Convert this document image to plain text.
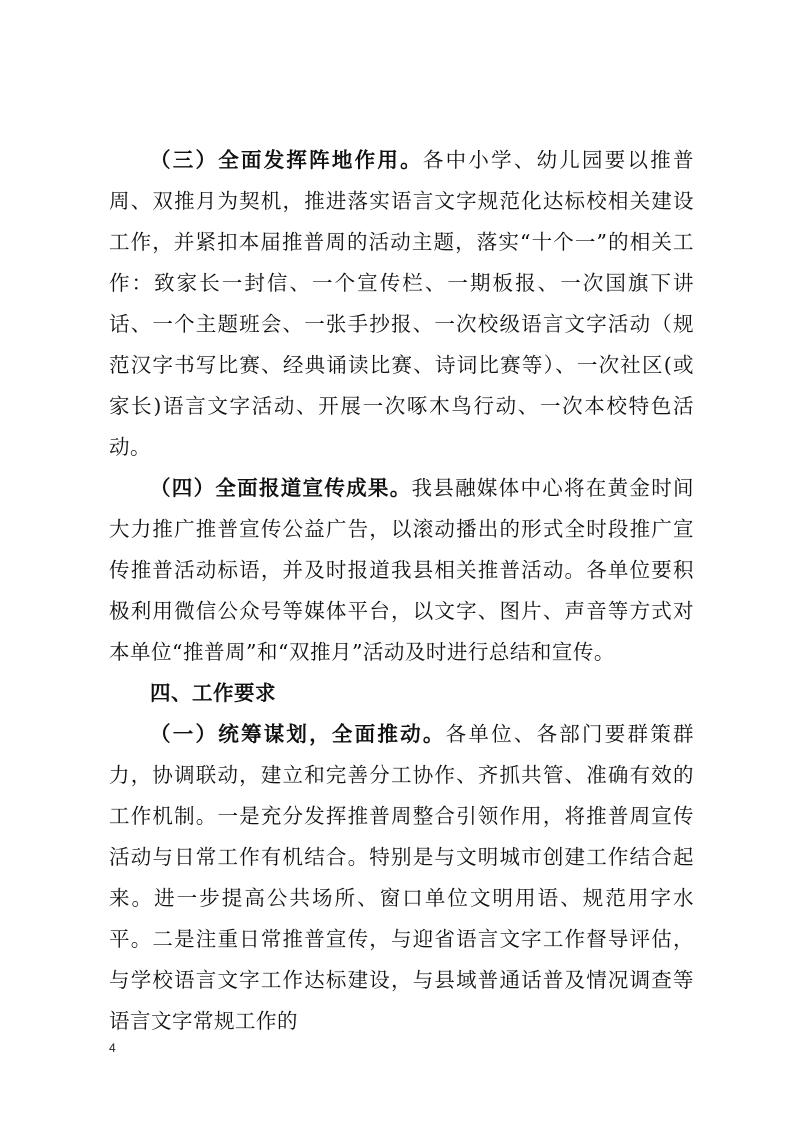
（三）全面发挥阵地作用。各中小学、幼儿园要以推普周、双推月为契机，推进落实语言文字规范化达标校相关建设工作，并紧扣本届推普周的活动主题，落实“十个一”的相关工作：致家长一封信、一个宣传栏、一期板报、一次国旗下讲话、一个主题班会、一张手抄报、一次校级语言文字活动（规范汉字书写比赛、经典诵读比赛、诗词比赛等）、一次社区(或家长)语言文字活动、开展一次啄木鸟行动、一次本校特色活动。

（四）全面报道宣传成果。我县融媒体中心将在黄金时间大力推广推普宣传公益广告，以滚动播出的形式全时段推广宣传推普活动标语，并及时报道我县相关推普活动。各单位要积极利用微信公众号等媒体平台，以文字、图片、声音等方式对本单位“推普周”和“双推月”活动及时进行总结和宣传。

四、工作要求

（一）统筹谋划，全面推动。各单位、各部门要群策群力，协调联动，建立和完善分工协作、齐抓共管、准确有效的工作机制。一是充分发挥推普周整合引领作用，将推普周宣传活动与日常工作有机结合。特别是与文明城市创建工作结合起来。进一步提高公共场所、窗口单位文明用语、规范用字水平。二是注重日常推普宣传，与迎省语言文字工作督导评估，与学校语言文字工作达标建设，与县域普通话普及情况调查等语言文字常规工作的

4
